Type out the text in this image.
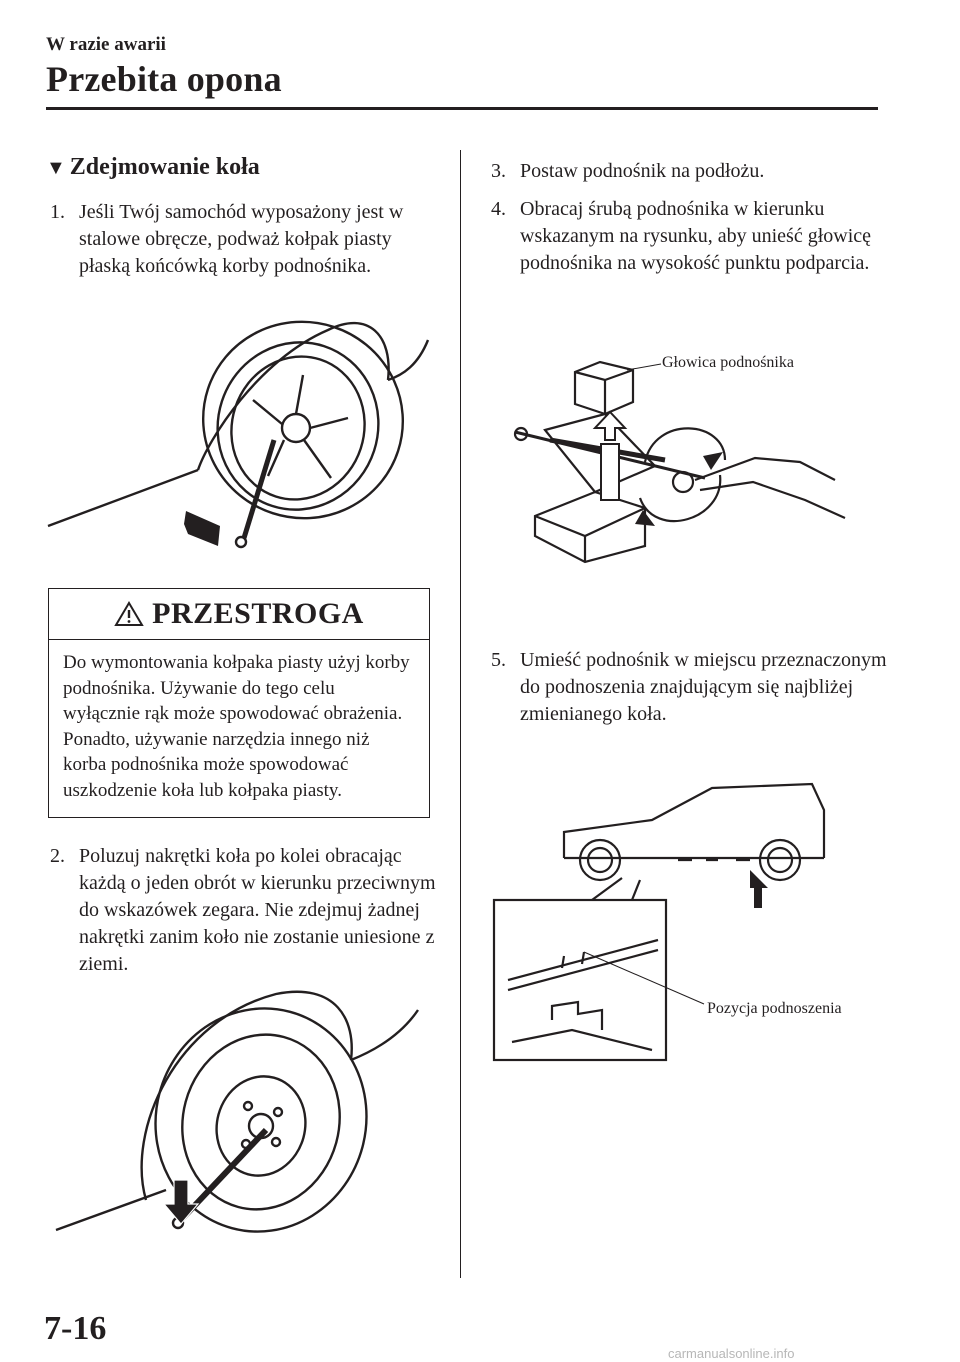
W razie awarii
Przebita opona
▼ Zdejmowanie koła
1. Jeśli Twój samochód wyposażony jest w stalowe obręcze, podważ kołpak piasty płaską końcówką korby podnośnika.
PRZESTROGA
Do wymontowania kołpaka piasty użyj korby podnośnika. Używanie do tego celu wyłącznie rąk może spowodować obrażenia. Ponadto, używanie narzędzia innego niż korba podnośnika może spowodować uszkodzenie koła lub kołpaka piasty.
2. Poluzuj nakrętki koła po kolei obracając każdą o jeden obrót w kierunku przeciwnym do wskazówek zegara. Nie zdejmuj żadnej nakrętki zanim koło nie zostanie uniesione z ziemi.
3. Postaw podnośnik na podłożu.
4. Obracaj śrubą podnośnika w kierunku wskazanym na rysunku, aby unieść głowicę podnośnika na wysokość punktu podparcia.
Głowica podnośnika
5. Umieść podnośnik w miejscu przeznaczonym do podnoszenia znajdującym się najbliżej zmienianego koła.
Pozycja podnoszenia
7-16
carmanualsonline.info
